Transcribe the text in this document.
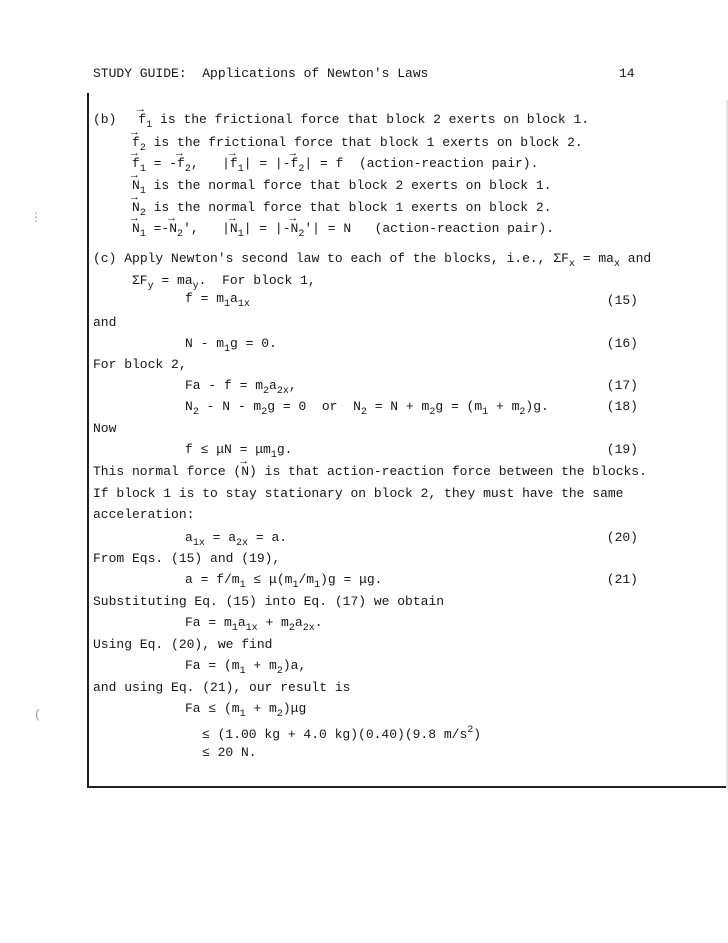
STUDY GUIDE:  Applications of Newton's Laws	14
⋮
(
$(b)\to f_1$ is the frictional force that block 2 exerts on block 1.
→ $f_2$ is the frictional force that block 1 exerts on block 2.
→ $f_1$ = -→ $f_2$,   |→ $f_1|$ = |-→ $f_2| = f$  (action-reaction pair).
→ $N_1$ is the normal force that block 2 exerts on block 1.
→ $N_2$ is the normal force that block 1 exerts on block 2.
→ $N_1$ =-→ $N_2'$,   |→ $N_1|$ = |-→ $N_2'| = N$   (action-reaction pair).
(c) Apply Newton's second law to each of the blocks, i.e., $\Sigma F_x = ma_x$ and
$\Sigma F_y = ma_y$.  For block 1,
$f = m_1a_{1x}$	(15)
and
$N - m_1g = 0$.	(16)
For block 2,
$Fa - f = m_2a_{2x}$,	(17)
$N_2 - N - m_2g = 0$  or  $N_2 = N + m_2g = (m_1 + m_2)g$.	(18)
Now
$f \le \mu N = \mu m_1g$.	(19)
This normal force (→ N) is that action-reaction force between the blocks.
If block 1 is to stay stationary on block 2, they must have the same
acceleration:
$a_{1x} = a_{2x} = a$.	(20)
From Eqs. (15) and (19),
$a = f/m_1 \le \mu(m_1/m_1)g = \mu g$.	(21)
Substituting Eq. (15) into Eq. (17) we obtain
$Fa = m_1a_{1x} + m_2a_{2x}$.
Using Eq. (20), we find
$Fa = (m_1 + m_2)a$,
and using Eq. (21), our result is
$Fa \le (m_1 + m_2)\mu g$
≤ (1.00 kg + 4.0 kg)(0.40)(9.8 $m/s^2$)
≤ 20 N.
